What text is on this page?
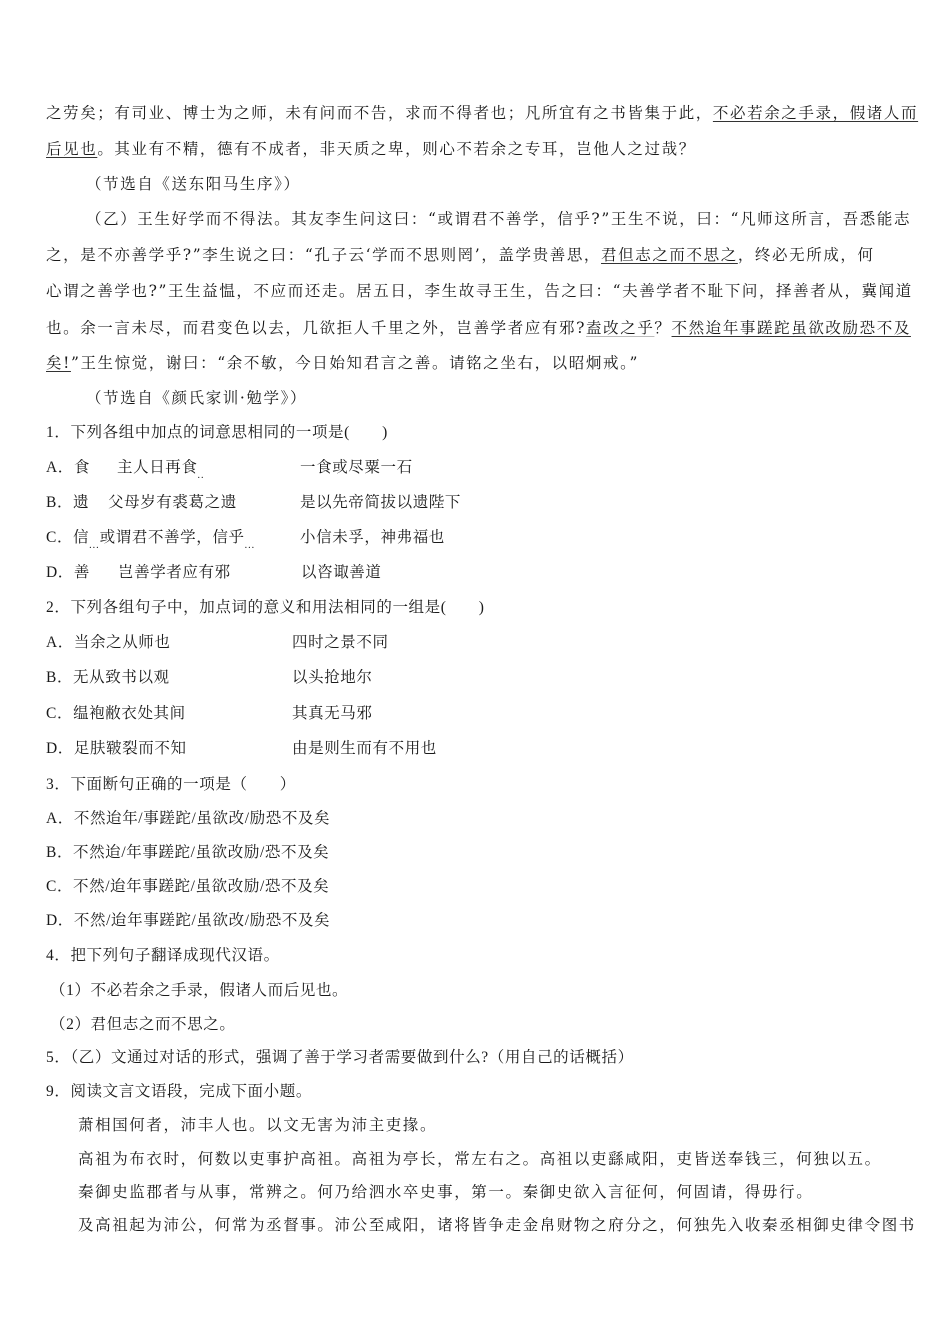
之劳矣；有司业、博士为之师，未有问而不告，求而不得者也；凡所宜有之书皆集于此，不必若余之手录，假诸人而
后见也。其业有不精，德有不成者，非天质之卑，则心不若余之专耳，岂他人之过哉？
（节选自《送东阳马生序》）
（乙）王生好学而不得法。其友李生问这曰：“或谓君不善学，信乎?”王生不说，曰：“凡师这所言，吾悉能志
之，是不亦善学乎?”李生说之曰：“孔子云‘学而不思则罔’，盖学贵善思，君但志之而不思之，终必无所成，何
心谓之善学也?”王生益愠，不应而还走。居五日，李生故寻王生，告之曰：“夫善学者不耻下问，择善者从，冀闻道
也。余一言未尽，而君变色以去，几欲拒人千里之外，岂善学者应有邪?盍改之乎？不然迨年事蹉跎虽欲改励恐不及
矣!”王生惊觉，谢曰：“余不敏，今日始知君言之善。请铭之坐右，以昭炯戒。”
（节选自《颜氏家训·勉学》）
1．下列各组中加点的词意思相同的一项是(　　)
A．食 主人日再食$_{..}$	一食或尽粟一石
B．遗 父母岁有裘葛之遗	是以先帝简拔以遗陛下
C．信$_{...}$或谓君不善学，信乎$_{...}$	小信未孚，神弗福也
D．善 岂善学者应有邪	以咨诹善道
2．下列各组句子中，加点词的意义和用法相同的一组是(　　)
A．当余之从师也	四时之景不同
B．无从致书以观	以头抢地尔
C．缊袍敝衣处其间	其真无马邪
D．足肤皲裂而不知	由是则生而有不用也
3．下面断句正确的一项是（　　）
A．不然迨年/事蹉跎/虽欲改/励恐不及矣
B．不然迨/年事蹉跎/虽欲改励/恐不及矣
C．不然/迨年事蹉跎/虽欲改励/恐不及矣
D．不然/迨年事蹉跎/虽欲改/励恐不及矣
4．把下列句子翻译成现代汉语。
（1）不必若余之手录，假诸人而后见也。
（2）君但志之而不思之。
5．（乙）文通过对话的形式，强调了善于学习者需要做到什么?（用自己的话概括）
9．阅读文言文语段，完成下面小题。
萧相国何者，沛丰人也。以文无害为沛主吏掾。
高祖为布衣时，何数以吏事护高祖。高祖为亭长，常左右之。高祖以吏繇咸阳，吏皆送奉钱三，何独以五。
秦御史监郡者与从事，常辨之。何乃给泗水卒史事，第一。秦御史欲入言征何，何固请，得毋行。
及高祖起为沛公，何常为丞督事。沛公至咸阳，诸将皆争走金帛财物之府分之，何独先入收秦丞相御史律令图书
